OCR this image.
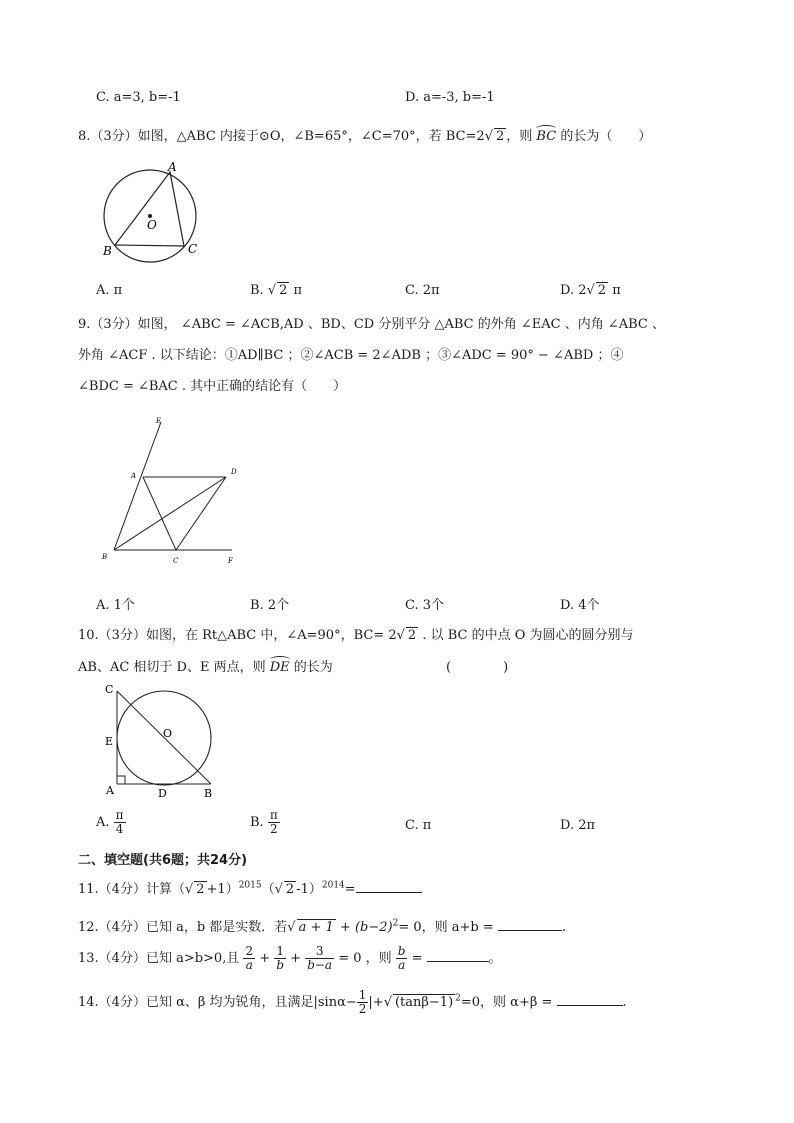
C. a=3, b=-1	D. a=-3, b=-1
8.（3分）如图，△ABC 内接于⊙O，∠B=65°，∠C=70°，若 BC=2√ 2 ，则 BC 的长为（　　）
A
O
B	C
A. π	B. √ 2 π	C. 2π	D. 2√ 2 π
9.（3分）如图， ∠ABC = ∠ACB,AD 、BD、CD 分别平分 △ABC 的外角 ∠EAC 、内角 ∠ABC 、
外角 ∠ACF . 以下结论：①AD∥BC ；②∠ACB = 2∠ADB ；③∠ADC = 90° − ∠ABD ；④
∠BDC = ∠BAC . 其中正确的结论有（　　）
E
A	D
B	C	F
A. 1个	B. 2个	C. 3个	D. 4个
10.（3分）如图，在 Rt△ABC 中，∠A=90°，BC= 2√ 2 . 以 BC 的中点 O 为圆心的圆分别与
AB、AC 相切于 D、E 两点，则 DE 的长为	(　　　　)
C
E
O
A	D	B
A. $\frac{\pi}{4}$	B. $\frac{\pi}{2}$	C. π	D. 2π
二、填空题(共6题；共24分)
11.（4分）计算（√ 2 +1）$^{2015}$（√ 2 -1）$^{2014}$=
12.（4分）已知 a，b 都是实数．若√ $a + 1 + (b-2)^2= 0$，则 a+b =	.
13.（4分）已知 a>b>0,且 $\frac{2}{a} + \frac{1}{b} + \frac{3}{b-a} = 0$ ，则 $\frac{b}{a}$ =	。
14.（4分）已知 α、β 均为锐角，且满足$|\sin\alpha- \frac{1}{2}$ |+√ (tanβ−1) $^2$=0，则 α+β =	.
